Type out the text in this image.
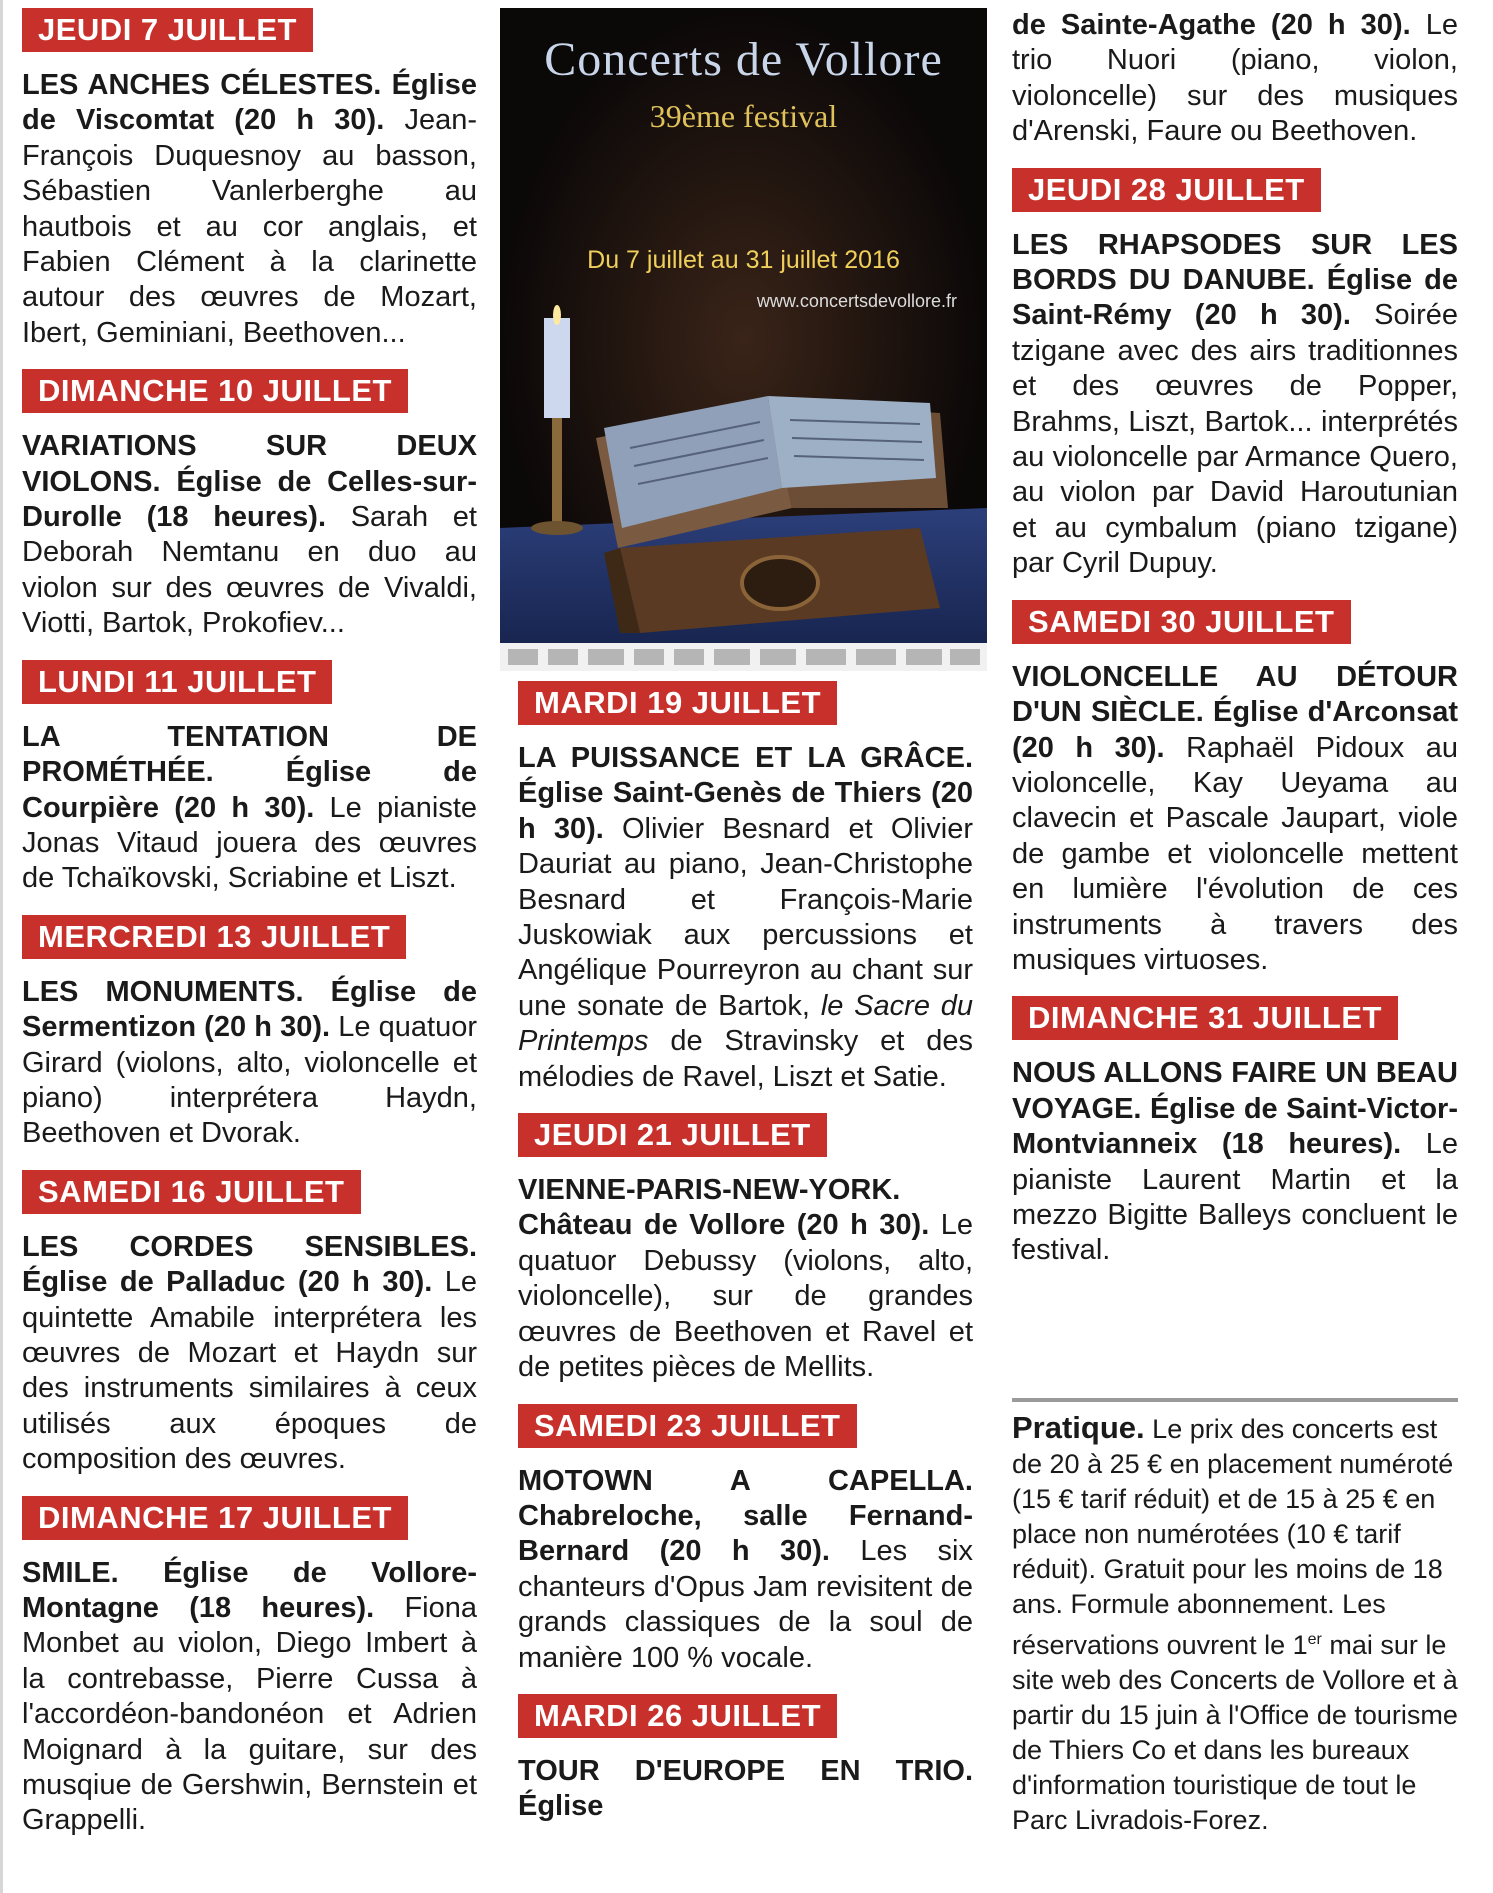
JEUDI 7 JUILLET

LES ANCHES CÉLESTES. Église de Viscomtat (20 h 30). Jean-François Duquesnoy au basson, Sébastien Vanlerberghe au hautbois et au cor anglais, et Fabien Clément à la clarinette autour des œuvres de Mozart, Ibert, Geminiani, Beethoven...

DIMANCHE 10 JUILLET

VARIATIONS SUR DEUX VIOLONS. Église de Celles-sur-Durolle (18 heures). Sarah et Deborah Nemtanu en duo au violon sur des œuvres de Vivaldi, Viotti, Bartok, Prokofiev...

LUNDI 11 JUILLET

LA TENTATION DE PROMÉTHÉE. Église de Courpière (20 h 30). Le pianiste Jonas Vitaud jouera des œuvres de Tchaïkovski, Scriabine et Liszt.

MERCREDI 13 JUILLET

LES MONUMENTS. Église de Sermentizon (20 h 30). Le quatuor Girard (violons, alto, violoncelle et piano) interprétera Haydn, Beethoven et Dvorak.

SAMEDI 16 JUILLET

LES CORDES SENSIBLES. Église de Palladuc (20 h 30). Le quintette Amabile interprétera les œuvres de Mozart et Haydn sur des instruments similaires à ceux utilisés aux époques de composition des œuvres.

DIMANCHE 17 JUILLET

SMILE. Église de Vollore-Montagne (18 heures). Fiona Monbet au violon, Diego Imbert à la contrebasse, Pierre Cussa à l'accordéon-bandonéon et Adrien Moignard à la guitare, sur des musqiue de Gershwin, Bernstein et Grappelli.

Concerts de Vollore
39ème festival
Du 7 juillet au 31 juillet 2016
www.concertsdevollore.fr
MARDI 19 JUILLET

LA PUISSANCE ET LA GRÂCE. Église Saint-Genès de Thiers (20 h 30). Olivier Besnard et Olivier Dauriat au piano, Jean-Christophe Besnard et François-Marie Juskowiak aux percussions et Angélique Pourreyron au chant sur une sonate de Bartok, le Sacre du Printemps de Stravinsky et des mélodies de Ravel, Liszt et Satie.

JEUDI 21 JUILLET

VIENNE-PARIS-NEW-YORK. Château de Vollore (20 h 30). Le quatuor Debussy (violons, alto, violoncelle), sur de grandes œuvres de Beethoven et Ravel et de petites pièces de Mellits.

SAMEDI 23 JUILLET

MOTOWN A CAPELLA. Chabreloche, salle Fernand-Bernard (20 h 30). Les six chanteurs d'Opus Jam revisitent de grands classiques de la soul de manière 100 % vocale.

MARDI 26 JUILLET

TOUR D'EUROPE EN TRIO. Église

de Sainte-Agathe (20 h 30). Le trio Nuori (piano, violon, violoncelle) sur des musiques d'Arenski, Faure ou Beethoven.

JEUDI 28 JUILLET

LES RHAPSODES SUR LES BORDS DU DANUBE. Église de Saint-Rémy (20 h 30). Soirée tzigane avec des airs traditionnes et des œuvres de Popper, Brahms, Liszt, Bartok... interprétés au violoncelle par Armance Quero, au violon par David Haroutunian et au cymbalum (piano tzigane) par Cyril Dupuy.

SAMEDI 30 JUILLET

VIOLONCELLE AU DÉTOUR D'UN SIÈCLE. Église d'Arconsat (20 h 30). Raphaël Pidoux au violoncelle, Kay Ueyama au clavecin et Pascale Jaupart, viole de gambe et violoncelle mettent en lumière l'évolution de ces instruments à travers des musiques virtuoses.

DIMANCHE 31 JUILLET

NOUS ALLONS FAIRE UN BEAU VOYAGE. Église de Saint-Victor-Montvianneix (18 heures). Le pianiste Laurent Martin et la mezzo Bigitte Balleys concluent le festival.

Pratique. Le prix des concerts est de 20 à 25 € en placement numéroté (15 € tarif réduit) et de 15 à 25 € en place non numérotées (10 € tarif réduit). Gratuit pour les moins de 18 ans. Formule abonnement. Les réservations ouvrent le 1er mai sur le site web des Concerts de Vollore et à partir du 15 juin à l'Office de tourisme de Thiers Co et dans les bureaux d'information touristique de tout le Parc Livradois-Forez.
